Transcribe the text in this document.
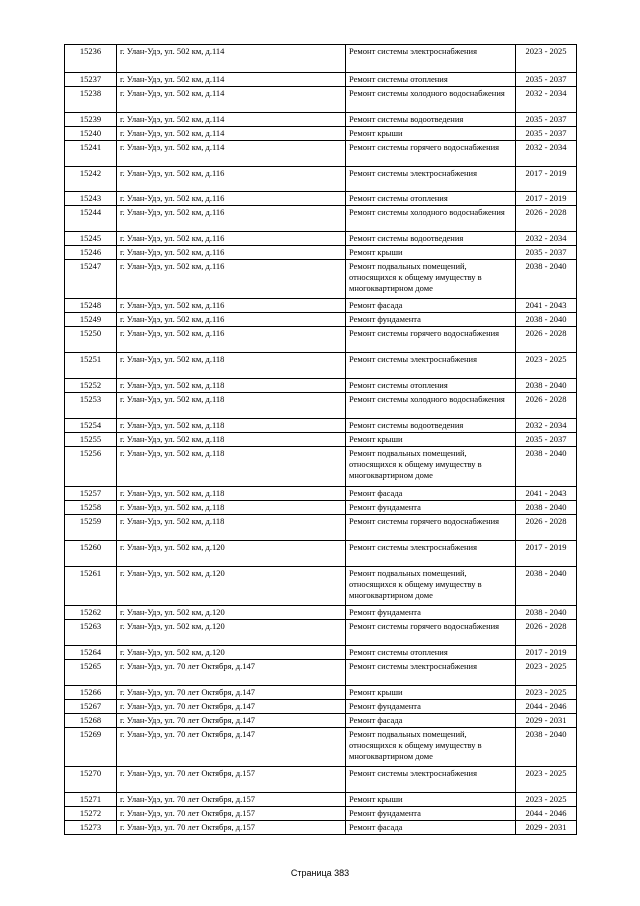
15236	г. Улан-Удэ, ул. 502 км, д.114	Ремонт системы электроснабжения	2023 - 2025
15237	г. Улан-Удэ, ул. 502 км, д.114	Ремонт системы отопления	2035 - 2037
15238	г. Улан-Удэ, ул. 502 км, д.114	Ремонт системы холодного водоснабжения	2032 - 2034
15239	г. Улан-Удэ, ул. 502 км, д.114	Ремонт системы водоотведения	2035 - 2037
15240	г. Улан-Удэ, ул. 502 км, д.114	Ремонт крыши	2035 - 2037
15241	г. Улан-Удэ, ул. 502 км, д.114	Ремонт системы горячего водоснабжения	2032 - 2034
15242	г. Улан-Удэ, ул. 502 км, д.116	Ремонт системы электроснабжения	2017 - 2019
15243	г. Улан-Удэ, ул. 502 км, д.116	Ремонт системы отопления	2017 - 2019
15244	г. Улан-Удэ, ул. 502 км, д.116	Ремонт системы холодного водоснабжения	2026 - 2028
15245	г. Улан-Удэ, ул. 502 км, д.116	Ремонт системы водоотведения	2032 - 2034
15246	г. Улан-Удэ, ул. 502 км, д.116	Ремонт крыши	2035 - 2037
15247	г. Улан-Удэ, ул. 502 км, д.116	Ремонт подвальных помещений, относящихся к общему имуществу в многоквартирном доме	2038 - 2040
15248	г. Улан-Удэ, ул. 502 км, д.116	Ремонт фасада	2041 - 2043
15249	г. Улан-Удэ, ул. 502 км, д.116	Ремонт фундамента	2038 - 2040
15250	г. Улан-Удэ, ул. 502 км, д.116	Ремонт системы горячего водоснабжения	2026 - 2028
15251	г. Улан-Удэ, ул. 502 км, д.118	Ремонт системы электроснабжения	2023 - 2025
15252	г. Улан-Удэ, ул. 502 км, д.118	Ремонт системы отопления	2038 - 2040
15253	г. Улан-Удэ, ул. 502 км, д.118	Ремонт системы холодного водоснабжения	2026 - 2028
15254	г. Улан-Удэ, ул. 502 км, д.118	Ремонт системы водоотведения	2032 - 2034
15255	г. Улан-Удэ, ул. 502 км, д.118	Ремонт крыши	2035 - 2037
15256	г. Улан-Удэ, ул. 502 км, д.118	Ремонт подвальных помещений, относящихся к общему имуществу в многоквартирном доме	2038 - 2040
15257	г. Улан-Удэ, ул. 502 км, д.118	Ремонт фасада	2041 - 2043
15258	г. Улан-Удэ, ул. 502 км, д.118	Ремонт фундамента	2038 - 2040
15259	г. Улан-Удэ, ул. 502 км, д.118	Ремонт системы горячего водоснабжения	2026 - 2028
15260	г. Улан-Удэ, ул. 502 км, д.120	Ремонт системы электроснабжения	2017 - 2019
15261	г. Улан-Удэ, ул. 502 км, д.120	Ремонт подвальных помещений, относящихся к общему имуществу в многоквартирном доме	2038 - 2040
15262	г. Улан-Удэ, ул. 502 км, д.120	Ремонт фундамента	2038 - 2040
15263	г. Улан-Удэ, ул. 502 км, д.120	Ремонт системы горячего водоснабжения	2026 - 2028
15264	г. Улан-Удэ, ул. 502 км, д.120	Ремонт системы отопления	2017 - 2019
15265	г. Улан-Удэ, ул. 70 лет Октября, д.147	Ремонт системы электроснабжения	2023 - 2025
15266	г. Улан-Удэ, ул. 70 лет Октября, д.147	Ремонт крыши	2023 - 2025
15267	г. Улан-Удэ, ул. 70 лет Октября, д.147	Ремонт фундамента	2044 - 2046
15268	г. Улан-Удэ, ул. 70 лет Октября, д.147	Ремонт фасада	2029 - 2031
15269	г. Улан-Удэ, ул. 70 лет Октября, д.147	Ремонт подвальных помещений, относящихся к общему имуществу в многоквартирном доме	2038 - 2040
15270	г. Улан-Удэ, ул. 70 лет Октября, д.157	Ремонт системы электроснабжения	2023 - 2025
15271	г. Улан-Удэ, ул. 70 лет Октября, д.157	Ремонт крыши	2023 - 2025
15272	г. Улан-Удэ, ул. 70 лет Октября, д.157	Ремонт фундамента	2044 - 2046
15273	г. Улан-Удэ, ул. 70 лет Октября, д.157	Ремонт фасада	2029 - 2031
Страница 383
